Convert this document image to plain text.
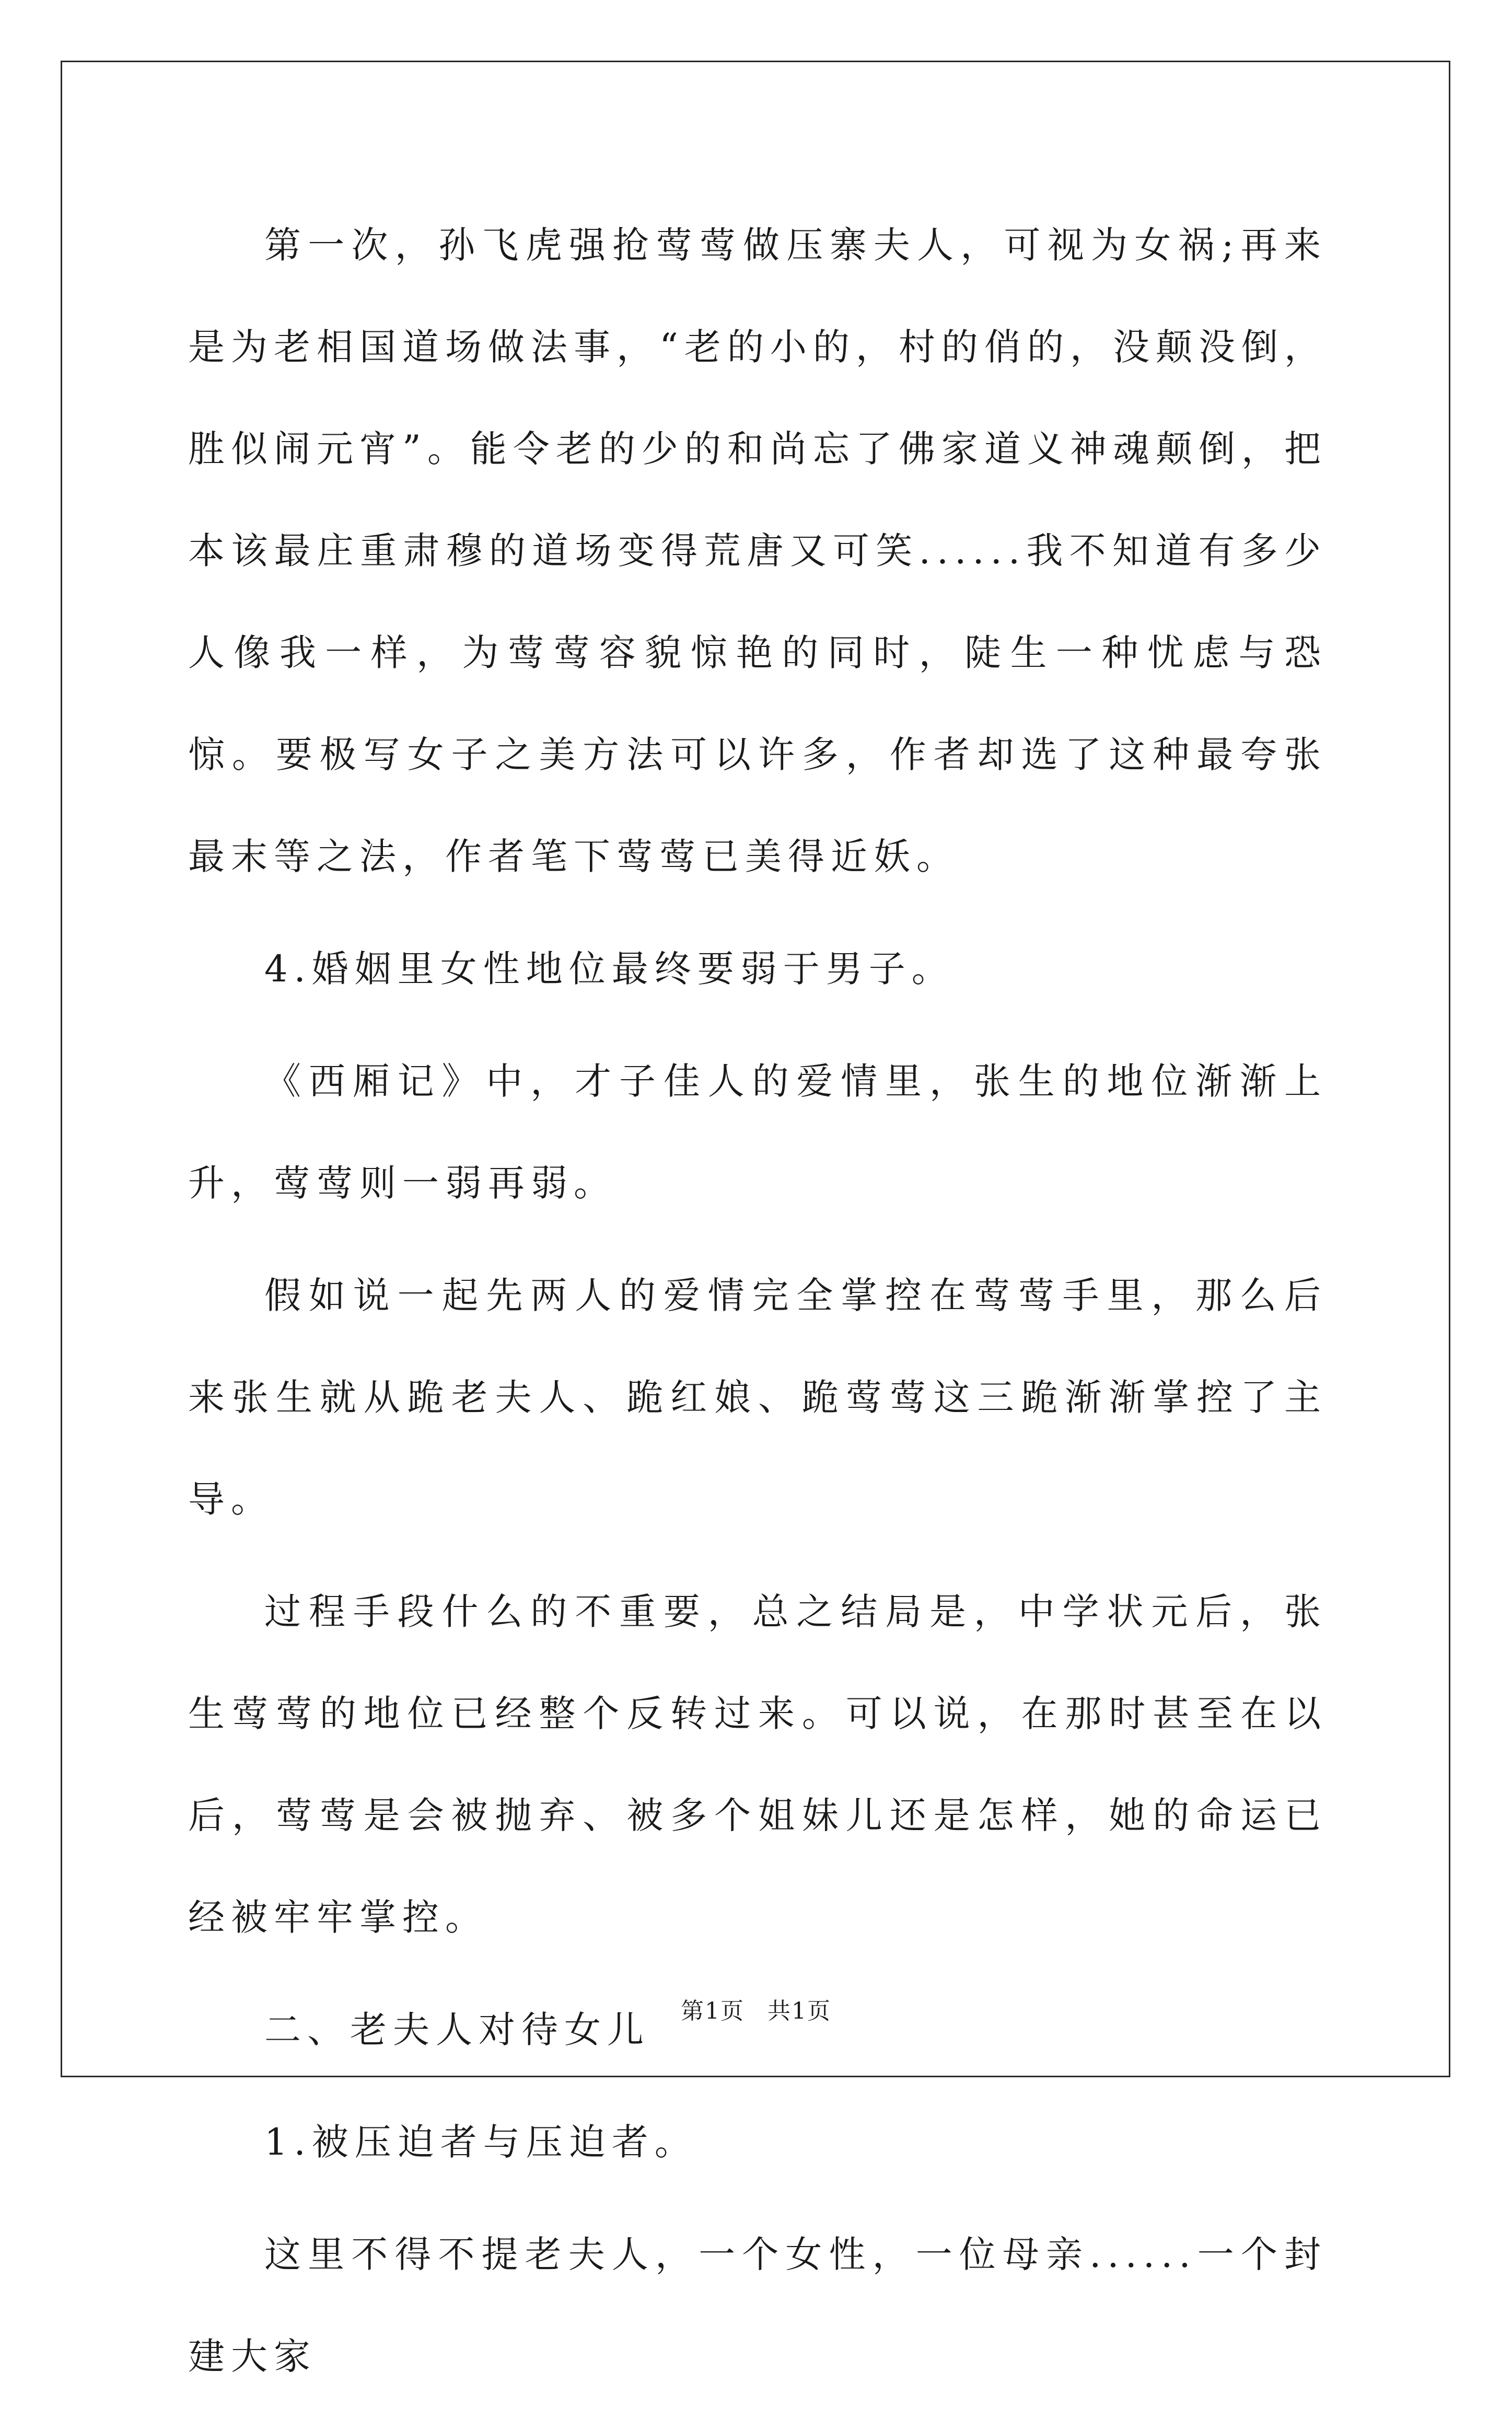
第一次，孙飞虎强抢莺莺做压寨夫人，可视为女祸;再来是为老相国道场做法事，“老的小的，村的俏的，没颠没倒，胜似闹元宵”。能令老的少的和尚忘了佛家道义神魂颠倒，把本该最庄重肃穆的道场变得荒唐又可笑......我不知道有多少人像我一样，为莺莺容貌惊艳的同时，陡生一种忧虑与恐惊。要极写女子之美方法可以许多，作者却选了这种最夸张最末等之法，作者笔下莺莺已美得近妖。

4.婚姻里女性地位最终要弱于男子。

《西厢记》中，才子佳人的爱情里，张生的地位渐渐上升，莺莺则一弱再弱。

假如说一起先两人的爱情完全掌控在莺莺手里，那么后来张生就从跪老夫人、跪红娘、跪莺莺这三跪渐渐掌控了主导。

过程手段什么的不重要，总之结局是，中学状元后，张生莺莺的地位已经整个反转过来。可以说，在那时甚至在以后，莺莺是会被抛弃、被多个姐妹儿还是怎样，她的命运已经被牢牢掌控。

二、老夫人对待女儿

1.被压迫者与压迫者。

这里不得不提老夫人，一个女性，一位母亲......一个封建大家

第1页 共1页
